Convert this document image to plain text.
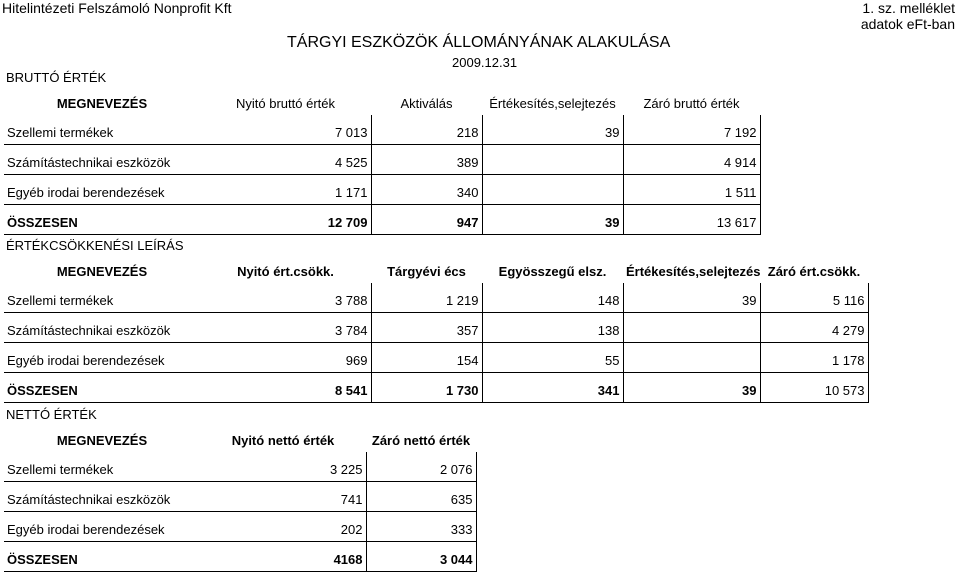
Hitelintézeti Felszámoló Nonprofit Kft	1. sz. melléklet
adatok eFt-ban
TÁRGYI ESZKÖZÖK ÁLLOMÁNYÁNAK ALAKULÁSA
2009.12.31
BRUTTÓ ÉRTÉK
MEGNEVEZÉS	Nyitó bruttó érték	Aktiválás	Értékesítés,selejtezés	Záró bruttó érték
Szellemi termékek	7 013	218	39	7 192
Számítástechnikai eszközök	4 525	389		4 914
Egyéb irodai berendezések	1 171	340		1 511
ÖSSZESEN	12 709	947	39	13 617
ÉRTÉKCSÖKKENÉSI LEÍRÁS
MEGNEVEZÉS	Nyitó ért.csökk.	Tárgyévi écs	Egyösszegű elsz.	Értékesítés,selejtezés	Záró ért.csökk.
Szellemi termékek	3 788	1 219	148	39	5 116
Számítástechnikai eszközök	3 784	357	138		4 279
Egyéb irodai berendezések	969	154	55		1 178
ÖSSZESEN	8 541	1 730	341	39	10 573
NETTÓ ÉRTÉK
MEGNEVEZÉS	Nyitó nettó érték	Záró nettó érték
Szellemi termékek	3 225	2 076
Számítástechnikai eszközök	741	635
Egyéb irodai berendezések	202	333
ÖSSZESEN	4168	3 044
